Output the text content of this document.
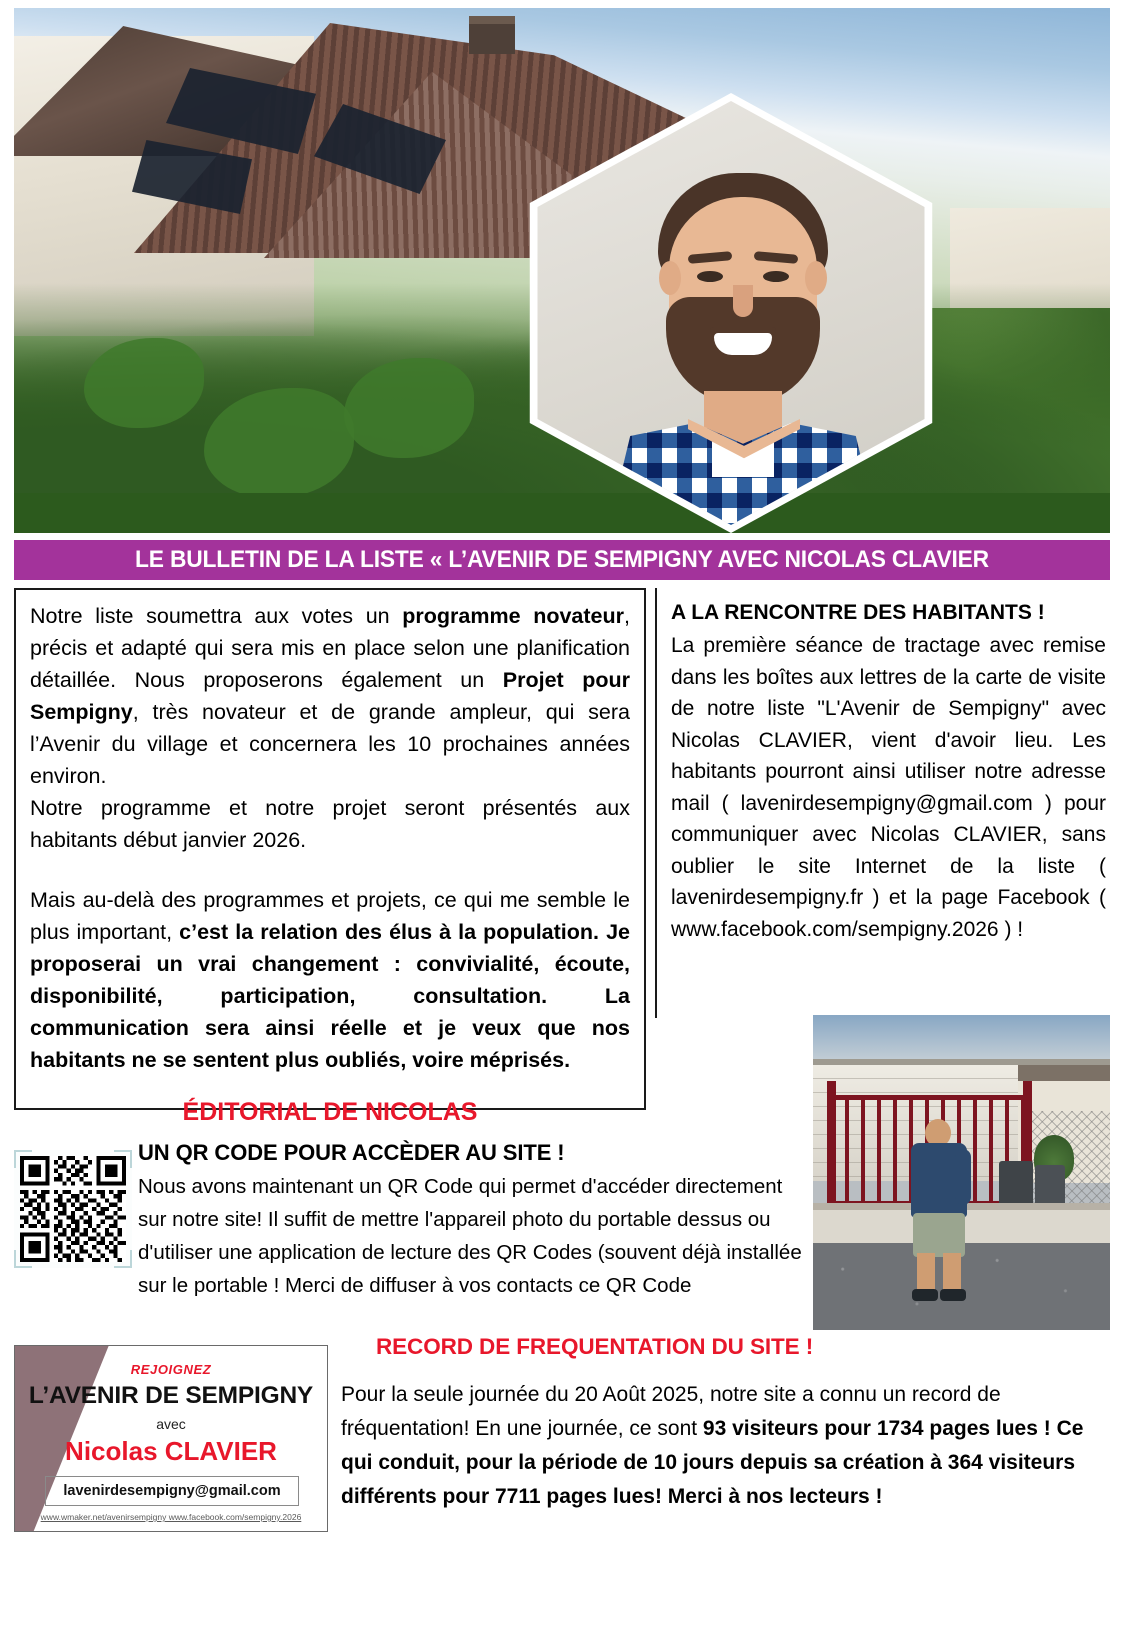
LE BULLETIN DE LA LISTE « L’AVENIR DE SEMPIGNY AVEC NICOLAS CLAVIER

Notre liste soumettra aux votes un programme novateur, précis et adapté qui sera mis en place selon une planification détaillée. Nous proposerons également un Projet pour Sempigny, très novateur et de grande ampleur, qui sera l’Avenir du village et concernera les 10 prochaines années environ.

Notre programme et notre projet seront présentés aux habitants début janvier 2026.

Mais au-delà des programmes et projets, ce qui me semble le plus important, c’est la relation des élus à la population. Je proposerai un vrai changement : convivialité, écoute, disponibilité, participation, consultation. La communication sera ainsi réelle et je veux que nos habitants ne se sentent plus oubliés, voire méprisés.

ÉDITORIAL DE NICOLAS
A LA RENCONTRE DES HABITANTS !

La première séance de tractage avec remise dans les boîtes aux lettres de la carte de visite de notre liste "L'Avenir de Sempigny" avec Nicolas CLAVIER, vient d'avoir lieu. Les habitants pourront ainsi utiliser notre adresse mail ( lavenirdesempigny@gmail.com ) pour communiquer avec Nicolas CLAVIER, sans oublier le site Internet de la liste ( lavenirdesempigny.fr ) et la page Facebook ( www.facebook.com/sempigny.2026 ) !

UN QR CODE POUR ACCÈDER AU SITE !
Nous avons maintenant un QR Code qui permet d'accéder directement sur notre site! Il suffit de mettre l'appareil photo du portable dessus ou d'utiliser une application de lecture des QR Codes (souvent déjà installée sur le portable ! Merci de diffuser à vos contacts ce QR Code
RECORD DE FREQUENTATION DU SITE !
Pour la seule journée du 20 Août 2025, notre site a connu un record de fréquentation! En une journée, ce sont 93 visiteurs pour 1734 pages lues ! Ce qui conduit, pour la période de 10 jours depuis sa création à 364 visiteurs différents pour 7711 pages lues! Merci à nos lecteurs !
REJOIGNEZ
L’AVENIR DE SEMPIGNY
avec
Nicolas CLAVIER
lavenirdesempigny@gmail.com
www.wmaker.net/avenirsempigny www.facebook.com/sempigny.2026
